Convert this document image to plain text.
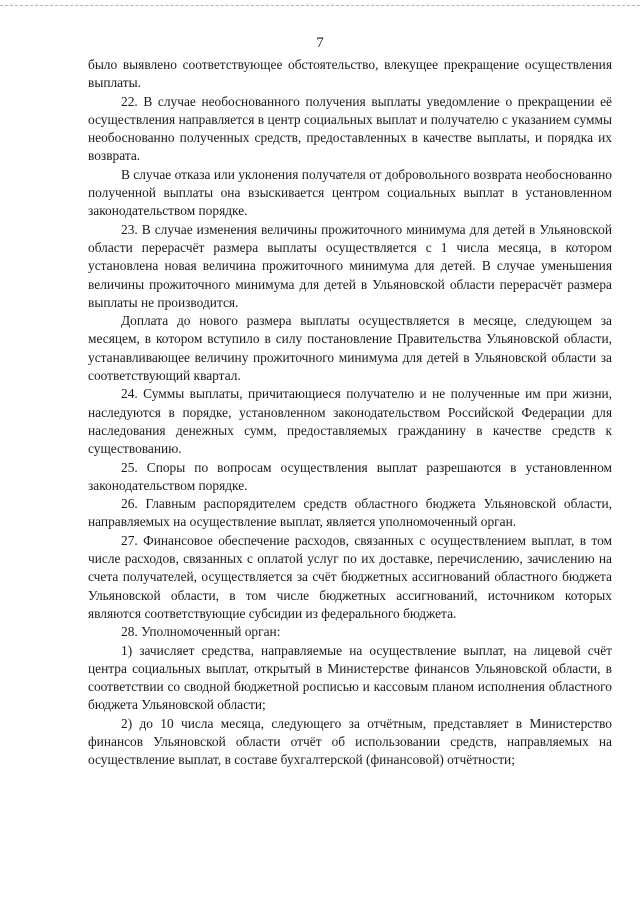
7

было выявлено соответствующее обстоятельство, влекущее прекращение осуществления выплаты.

22. В случае необоснованного получения выплаты уведомление о прекращении её осуществления направляется в центр социальных выплат и получателю с указанием суммы необоснованно полученных средств, предоставленных в качестве выплаты, и порядка их возврата.

В случае отказа или уклонения получателя от добровольного возврата необоснованно полученной выплаты она взыскивается центром социальных выплат в установленном законодательством порядке.

23. В случае изменения величины прожиточного минимума для детей в Ульяновской области перерасчёт размера выплаты осуществляется с 1 числа месяца, в котором установлена новая величина прожиточного минимума для детей. В случае уменьшения величины прожиточного минимума для детей в Ульяновской области перерасчёт размера выплаты не производится.

Доплата до нового размера выплаты осуществляется в месяце, следующем за месяцем, в котором вступило в силу постановление Правительства Ульяновской области, устанавливающее величину прожиточного минимума для детей в Ульяновской области за соответствующий квартал.

24. Суммы выплаты, причитающиеся получателю и не полученные им при жизни, наследуются в порядке, установленном законодательством Российской Федерации для наследования денежных сумм, предоставляемых гражданину в качестве средств к существованию.

25. Споры по вопросам осуществления выплат разрешаются в установленном законодательством порядке.

26. Главным распорядителем средств областного бюджета Ульяновской области, направляемых на осуществление выплат, является уполномоченный орган.

27. Финансовое обеспечение расходов, связанных с осуществлением выплат, в том числе расходов, связанных с оплатой услуг по их доставке, перечислению, зачислению на счета получателей, осуществляется за счёт бюджетных ассигнований областного бюджета Ульяновской области, в том числе бюджетных ассигнований, источником которых являются соответствующие субсидии из федерального бюджета.

28. Уполномоченный орган:

1) зачисляет средства, направляемые на осуществление выплат, на лицевой счёт центра социальных выплат, открытый в Министерстве финансов Ульяновской области, в соответствии со сводной бюджетной росписью и кассовым планом исполнения областного бюджета Ульяновской области;

2) до 10 числа месяца, следующего за отчётным, представляет в Министерство финансов Ульяновской области отчёт об использовании средств, направляемых на осуществление выплат, в составе бухгалтерской (финансовой) отчётности;
